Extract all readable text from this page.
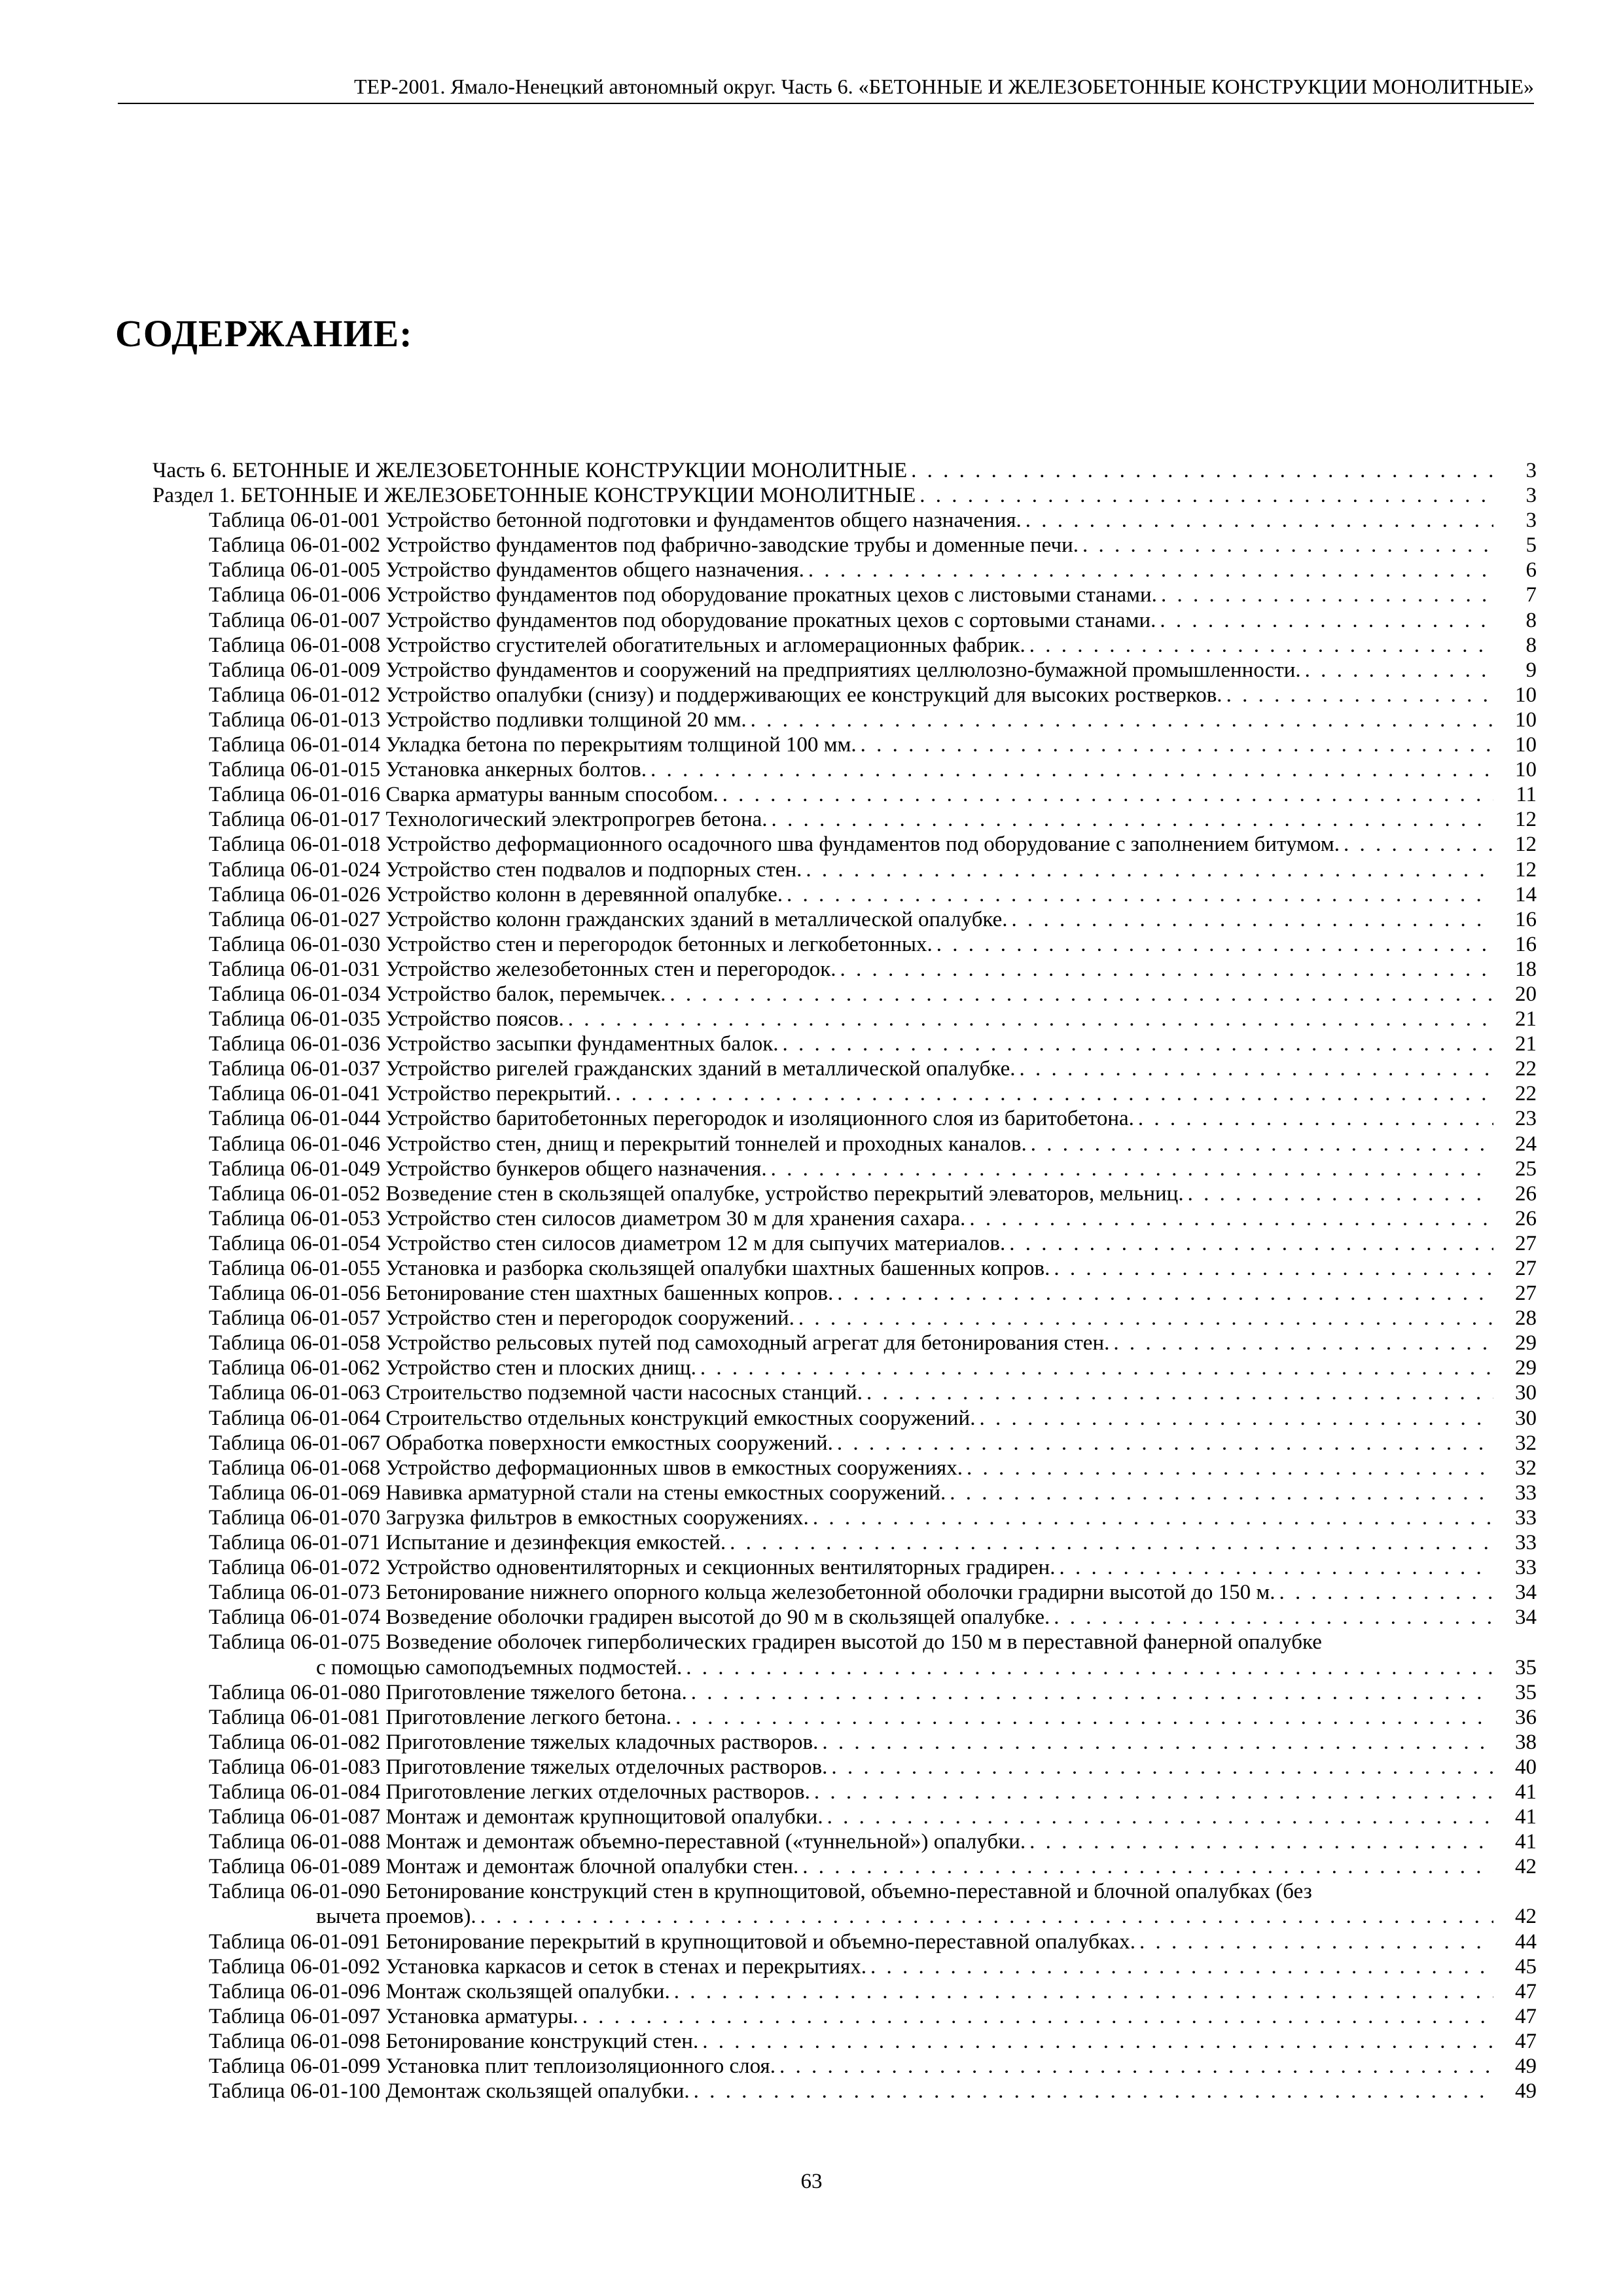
ТЕР-2001. Ямало-Ненецкий автономный округ. Часть 6. «БЕТОННЫЕ И ЖЕЛЕЗОБЕТОННЫЕ КОНСТРУКЦИИ МОНОЛИТНЫЕ»
СОДЕРЖАНИЕ:
Часть 6. БЕТОННЫЕ И ЖЕЛЕЗОБЕТОННЫЕ КОНСТРУКЦИИ МОНОЛИТНЫЕ . . .	3
Раздел 1. БЕТОННЫЕ И ЖЕЛЕЗОБЕТОННЫЕ КОНСТРУКЦИИ МОНОЛИТНЫЕ . . .	3
Таблица 06-01-001 Устройство бетонной подготовки и фундаментов общего назначения. . . .	3
Таблица 06-01-002 Устройство фундаментов под фабрично-заводские трубы и доменные печи. . . .	5
Таблица 06-01-005 Устройство фундаментов общего назначения. . . .	6
Таблица 06-01-006 Устройство фундаментов под оборудование прокатных цехов с листовыми станами. . . .	7
Таблица 06-01-007 Устройство фундаментов под оборудование прокатных цехов с сортовыми станами. . . .	8
Таблица 06-01-008 Устройство сгустителей обогатительных и агломерационных фабрик. . . .	8
Таблица 06-01-009 Устройство фундаментов и сооружений на предприятиях целлюлозно-бумажной промышленности. . . .	9
Таблица 06-01-012 Устройство опалубки (снизу) и поддерживающих ее конструкций для высоких ростверков. . . .	10
Таблица 06-01-013 Устройство подливки толщиной 20 мм. . . .	10
Таблица 06-01-014 Укладка бетона по перекрытиям толщиной 100 мм. . . .	10
Таблица 06-01-015 Установка анкерных болтов. . . .	10
Таблица 06-01-016 Сварка арматуры ванным способом. . . .	11
Таблица 06-01-017 Технологический электропрогрев бетона. . . .	12
Таблица 06-01-018 Устройство деформационного осадочного шва фундаментов под оборудование с заполнением битумом. . . .	12
Таблица 06-01-024 Устройство стен подвалов и подпорных стен. . . .	12
Таблица 06-01-026 Устройство колонн в деревянной опалубке. . . .	14
Таблица 06-01-027 Устройство колонн гражданских зданий в металлической опалубке. . . .	16
Таблица 06-01-030 Устройство стен и перегородок бетонных и легкобетонных. . . .	16
Таблица 06-01-031 Устройство железобетонных стен и перегородок. . . .	18
Таблица 06-01-034 Устройство балок, перемычек. . . .	20
Таблица 06-01-035 Устройство поясов. . . .	21
Таблица 06-01-036 Устройство засыпки фундаментных балок. . . .	21
Таблица 06-01-037 Устройство ригелей гражданских зданий в металлической опалубке. . . .	22
Таблица 06-01-041 Устройство перекрытий. . . .	22
Таблица 06-01-044 Устройство баритобетонных перегородок и изоляционного слоя из баритобетона. . . .	23
Таблица 06-01-046 Устройство стен, днищ и перекрытий тоннелей и проходных каналов. . . .	24
Таблица 06-01-049 Устройство бункеров общего назначения. . . .	25
Таблица 06-01-052 Возведение стен в скользящей опалубке, устройство перекрытий элеваторов, мельниц. . . .	26
Таблица 06-01-053 Устройство стен силосов диаметром 30 м для хранения сахара. . . .	26
Таблица 06-01-054 Устройство стен силосов диаметром 12 м для сыпучих материалов. . . .	27
Таблица 06-01-055 Установка и разборка скользящей опалубки шахтных башенных копров. . . .	27
Таблица 06-01-056 Бетонирование стен шахтных башенных копров. . . .	27
Таблица 06-01-057 Устройство стен и перегородок сооружений. . . .	28
Таблица 06-01-058 Устройство рельсовых путей под самоходный агрегат для бетонирования стен. . . .	29
Таблица 06-01-062 Устройство стен и плоских днищ. . . .	29
Таблица 06-01-063 Строительство подземной части насосных станций. . . .	30
Таблица 06-01-064 Строительство отдельных конструкций емкостных сооружений. . . .	30
Таблица 06-01-067 Обработка поверхности емкостных сооружений. . . .	32
Таблица 06-01-068 Устройство деформационных швов в емкостных сооружениях. . . .	32
Таблица 06-01-069 Навивка арматурной стали на стены емкостных сооружений. . . .	33
Таблица 06-01-070 Загрузка фильтров в емкостных сооружениях. . . .	33
Таблица 06-01-071 Испытание и дезинфекция емкостей. . . .	33
Таблица 06-01-072 Устройство одновентиляторных и секционных вентиляторных градирен. . . .	33
Таблица 06-01-073 Бетонирование нижнего опорного кольца железобетонной оболочки градирни высотой до 150 м. . . .	34
Таблица 06-01-074 Возведение оболочки градирен высотой до 90 м в скользящей опалубке. . . .	34
Таблица 06-01-075 Возведение оболочек гиперболических градирен высотой до 150 м в переставной фанерной опалубке
с помощью самоподъемных подмостей. . . .	35
Таблица 06-01-080 Приготовление тяжелого бетона. . . .	35
Таблица 06-01-081 Приготовление легкого бетона. . . .	36
Таблица 06-01-082 Приготовление тяжелых кладочных растворов. . . .	38
Таблица 06-01-083 Приготовление тяжелых отделочных растворов. . . .	40
Таблица 06-01-084 Приготовление легких отделочных растворов. . . .	41
Таблица 06-01-087 Монтаж и демонтаж крупнощитовой опалубки. . . .	41
Таблица 06-01-088 Монтаж и демонтаж объемно-переставной («туннельной») опалубки. . . .	41
Таблица 06-01-089 Монтаж и демонтаж блочной опалубки стен. . . .	42
Таблица 06-01-090 Бетонирование конструкций стен в крупнощитовой, объемно-переставной и блочной опалубках (без
вычета проемов). . . .	42
Таблица 06-01-091 Бетонирование перекрытий в крупнощитовой и объемно-переставной опалубках. . . .	44
Таблица 06-01-092 Установка каркасов и сеток в стенах и перекрытиях. . . .	45
Таблица 06-01-096 Монтаж скользящей опалубки. . . .	47
Таблица 06-01-097 Установка арматуры. . . .	47
Таблица 06-01-098 Бетонирование конструкций стен. . . .	47
Таблица 06-01-099 Установка плит теплоизоляционного слоя. . . .	49
Таблица 06-01-100 Демонтаж скользящей опалубки. . . .	49
63
